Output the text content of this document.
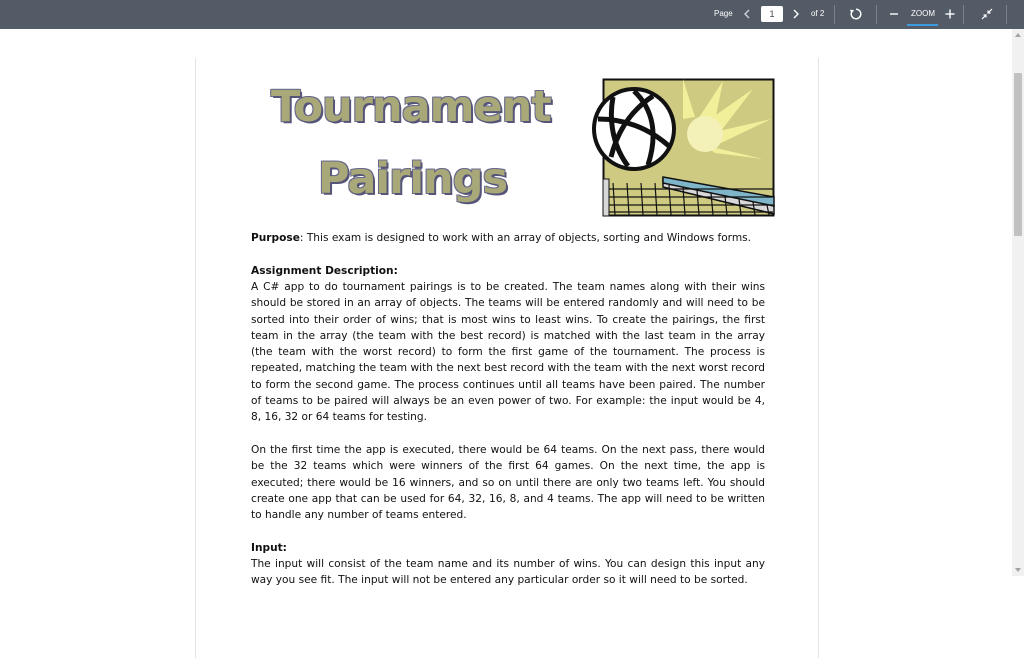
Page
1	of 2	ZOOM
Tournament
Pairings
Purpose: This exam is designed to work with an array of objects, sorting and Windows forms.
Assignment Description:
A C# app to do tournament pairings is to be created. The team names along with their wins should be stored in an array of objects. The teams will be entered randomly and will need to be sorted into their order of wins; that is most wins to least wins. To create the pairings, the first team in the array (the team with the best record) is matched with the last team in the array (the team with the worst record) to form the first game of the tournament. The process is repeated, matching the team with the next best record with the team with the next worst record to form the second game. The process continues until all teams have been paired. The number of teams to be paired will always be an even power of two. For example: the input would be 4, 8, 16, 32 or 64 teams for testing.
On the first time the app is executed, there would be 64 teams. On the next pass, there would be the 32 teams which were winners of the first 64 games. On the next time, the app is executed; there would be 16 winners, and so on until there are only two teams left. You should create one app that can be used for 64, 32, 16, 8, and 4 teams. The app will need to be written to handle any number of teams entered.
Input:
The input will consist of the team name and its number of wins. You can design this input any way you see fit. The input will not be entered any particular order so it will need to be sorted.
